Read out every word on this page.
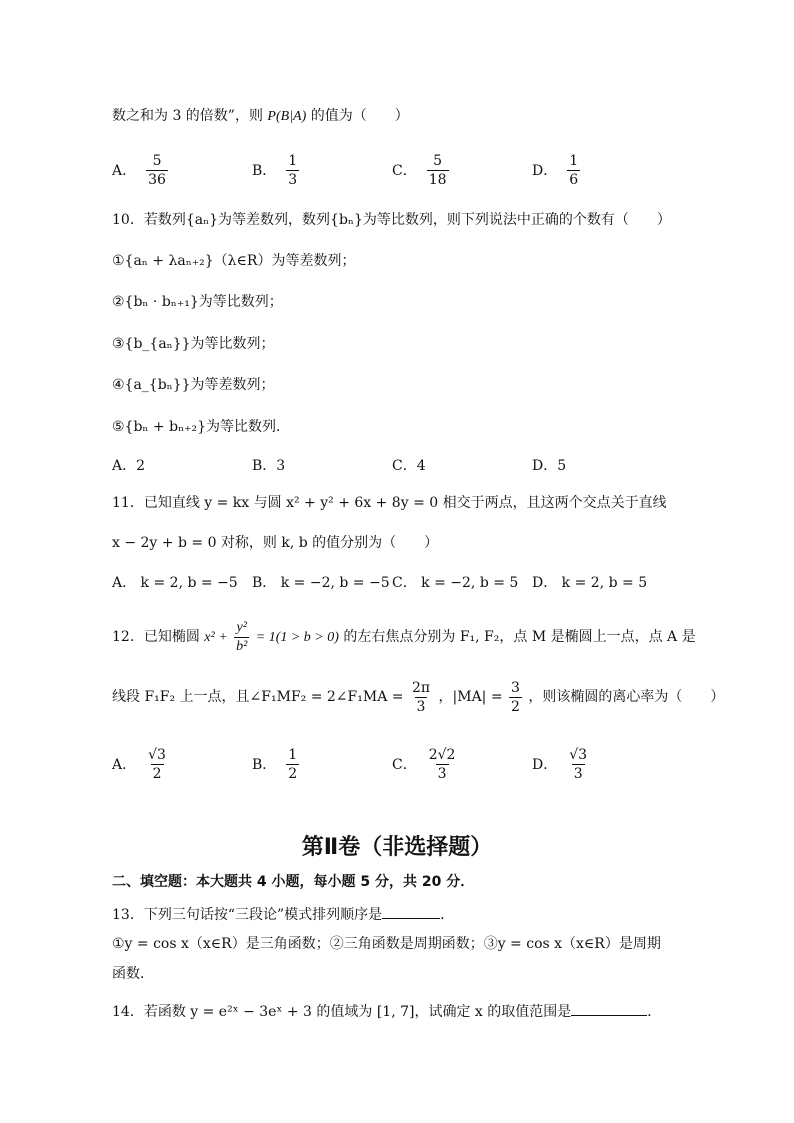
数之和为 3 的倍数”，则 P(B|A) 的值为（　　）
A． $\frac{5}{36}$	B． $\frac{1}{3}$	C． $\frac{5}{18}$	D． $\frac{1}{6}$
10．若数列{aₙ}为等差数列，数列{bₙ}为等比数列，则下列说法中正确的个数有（　　）
①{aₙ + λaₙ₊₂}（λ∈R）为等差数列；
②{bₙ · bₙ₊₁}为等比数列；
③{b_{aₙ}}为等比数列；
④{a_{bₙ}}为等差数列；
⑤{bₙ + bₙ₊₂}为等比数列．
A．2	B．3	C．4	D．5
11．已知直线 y = kx 与圆 x² + y² + 6x + 8y = 0 相交于两点，且这两个交点关于直线
x − 2y + b = 0 对称，则 k, b 的值分别为（　　）
A． k = 2, b = −5 B． k = −2, b = −5 C． k = −2, b = 5 D． k = 2, b = 5
12．已知椭圆 $x^2 + \frac{\text{y²}}{\text{b²}} = 1(1 > b > 0)$ 的左右焦点分别为 F₁, F₂，点 M 是椭圆上一点，点 A 是
线段 F₁F₂ 上一点，且∠F₁MF₂ = 2∠F₁MA = $\frac{2\pi}{3}$ ，$|MA| = \frac{3}{2}$ ，则该椭圆的离心率为（　　）
A． $\frac{√3}{2}$	B． $\frac{1}{2}$	C． $\frac{2√2}{3}$	D． $\frac{√3}{3}$
第Ⅱ卷（非选择题）
二、填空题：本大题共 4 小题，每小题 5 分，共 20 分．
13．下列三句话按“三段论”模式排列顺序是	．
①y = cos x（x∈R）是三角函数；②三角函数是周期函数；③y = cos x（x∈R）是周期
函数．
14．若函数 y = e²ˣ − 3eˣ + 3 的值域为 [1, 7]，试确定 x 的取值范围是	．
